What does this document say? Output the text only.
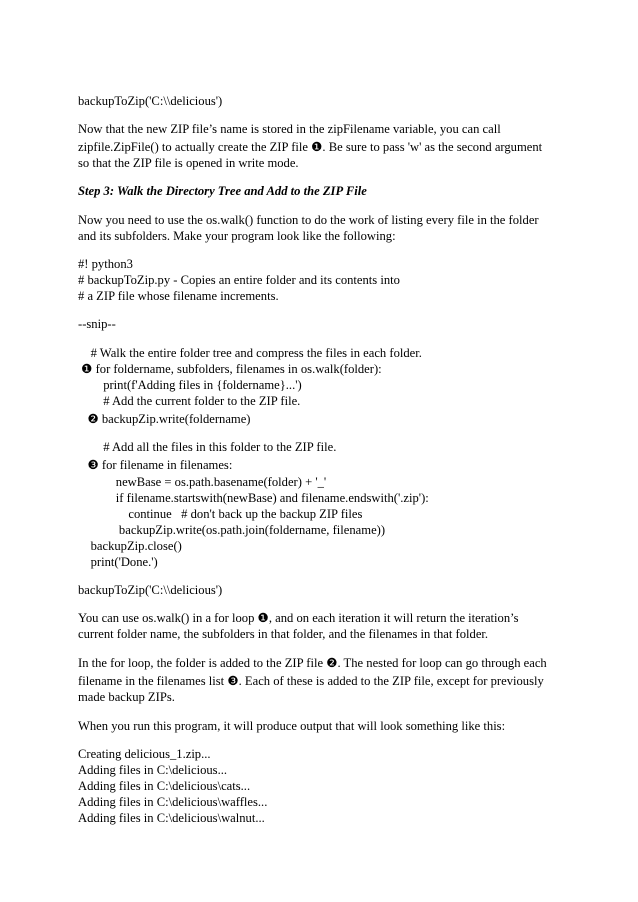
backupToZip('C:\\delicious')

Now that the new ZIP file’s name is stored in the zipFilename variable, you can call

zipfile.ZipFile() to actually create the ZIP file ❶. Be sure to pass 'w' as the second argument

so that the ZIP file is opened in write mode.

Step 3: Walk the Directory Tree and Add to the ZIP File

Now you need to use the os.walk() function to do the work of listing every file in the folder

and its subfolders. Make your program look like the following:

#! python3

# backupToZip.py - Copies an entire folder and its contents into

# a ZIP file whose filename increments.

--snip--

# Walk the entire folder tree and compress the files in each folder.

❶ for foldername, subfolders, filenames in os.walk(folder):

print(f'Adding files in {foldername}...')

# Add the current folder to the ZIP file.

❷ backupZip.write(foldername)

# Add all the files in this folder to the ZIP file.

❸ for filename in filenames:

newBase = os.path.basename(folder) + '_'

if filename.startswith(newBase) and filename.endswith('.zip'):

continue   # don't back up the backup ZIP files

backupZip.write(os.path.join(foldername, filename))

backupZip.close()

print('Done.')

backupToZip('C:\\delicious')

You can use os.walk() in a for loop ❶, and on each iteration it will return the iteration’s

current folder name, the subfolders in that folder, and the filenames in that folder.

In the for loop, the folder is added to the ZIP file ❷. The nested for loop can go through each

filename in the filenames list ❸. Each of these is added to the ZIP file, except for previously

made backup ZIPs.

When you run this program, it will produce output that will look something like this:

Creating delicious_1.zip...

Adding files in C:\delicious...

Adding files in C:\delicious\cats...

Adding files in C:\delicious\waffles...

Adding files in C:\delicious\walnut...
